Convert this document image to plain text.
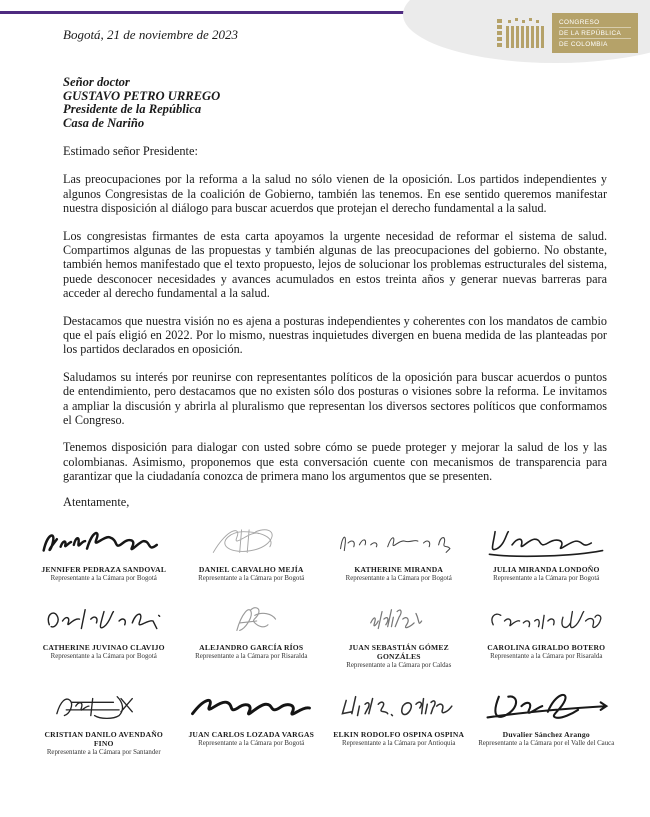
CONGRESO
DE LA REPÚBLICA
DE COLOMBIA

Bogotá, 21 de noviembre de 2023

Señor doctor
GUSTAVO PETRO URREGO
Presidente de la República
Casa de Nariño
Estimado señor Presidente:

Las preocupaciones por la reforma a la salud no sólo vienen de la oposición. Los partidos independientes y algunos Congresistas de la coalición de Gobierno, también las tenemos. En ese sentido queremos manifestar nuestra disposición al diálogo para buscar acuerdos que protejan el derecho fundamental a la salud.

Los congresistas firmantes de esta carta apoyamos la urgente necesidad de reformar el sistema de salud. Compartimos algunas de las propuestas y también algunas de las preocupaciones del gobierno. No obstante, también hemos manifestado que el texto propuesto, lejos de solucionar los problemas estructurales del sistema, puede desconocer necesidades y avances acumulados en estos treinta años y generar nuevas barreras para acceder al derecho fundamental a la salud.

Destacamos que nuestra visión no es ajena a posturas independientes y coherentes con los mandatos de cambio que el país eligió en 2022. Por lo mismo, nuestras inquietudes divergen en buena medida de las planteadas por los partidos declarados en oposición.

Saludamos su interés por reunirse con representantes políticos de la oposición para buscar acuerdos o puntos de entendimiento, pero destacamos que no existen sólo dos posturas o visiones sobre la reforma. Le invitamos a ampliar la discusión y abrirla al pluralismo que representan los diversos sectores políticos que conformamos el Congreso.

Tenemos disposición para dialogar con usted sobre cómo se puede proteger y mejorar la salud de los y las colombianas. Asimismo, proponemos que esta conversación cuente con mecanismos de transparencia para garantizar que la ciudadanía conozca de primera mano los argumentos que se presenten.

Atentamente,
JENNIFER PEDRAZA SANDOVAL
Representante a la Cámara por Bogotá
DANIEL CARVALHO MEJÍA
Representante a la Cámara por Bogotá
KATHERINE MIRANDA
Representante a la Cámara por Bogotá
JULIA MIRANDA LONDOÑO
Representante a la Cámara por Bogotá
CATHERINE JUVINAO CLAVIJO
Representante a la Cámara por Bogotá
ALEJANDRO GARCÍA RÍOS
Representante a la Cámara por Risaralda
JUAN SEBASTIÁN GÓMEZ GONZÁLES
Representante a la Cámara por Caldas
CAROLINA GIRALDO BOTERO
Representante a la Cámara por Risaralda
CRISTIAN DANILO AVENDAÑO FINO
Representante a la Cámara por Santander
JUAN CARLOS LOZADA VARGAS
Representante a la Cámara por Bogotá
ELKIN RODOLFO OSPINA OSPINA
Representante a la Cámara por Antioquia
Duvalier Sánchez Arango
Representante a la Cámara por el Valle del Cauca
